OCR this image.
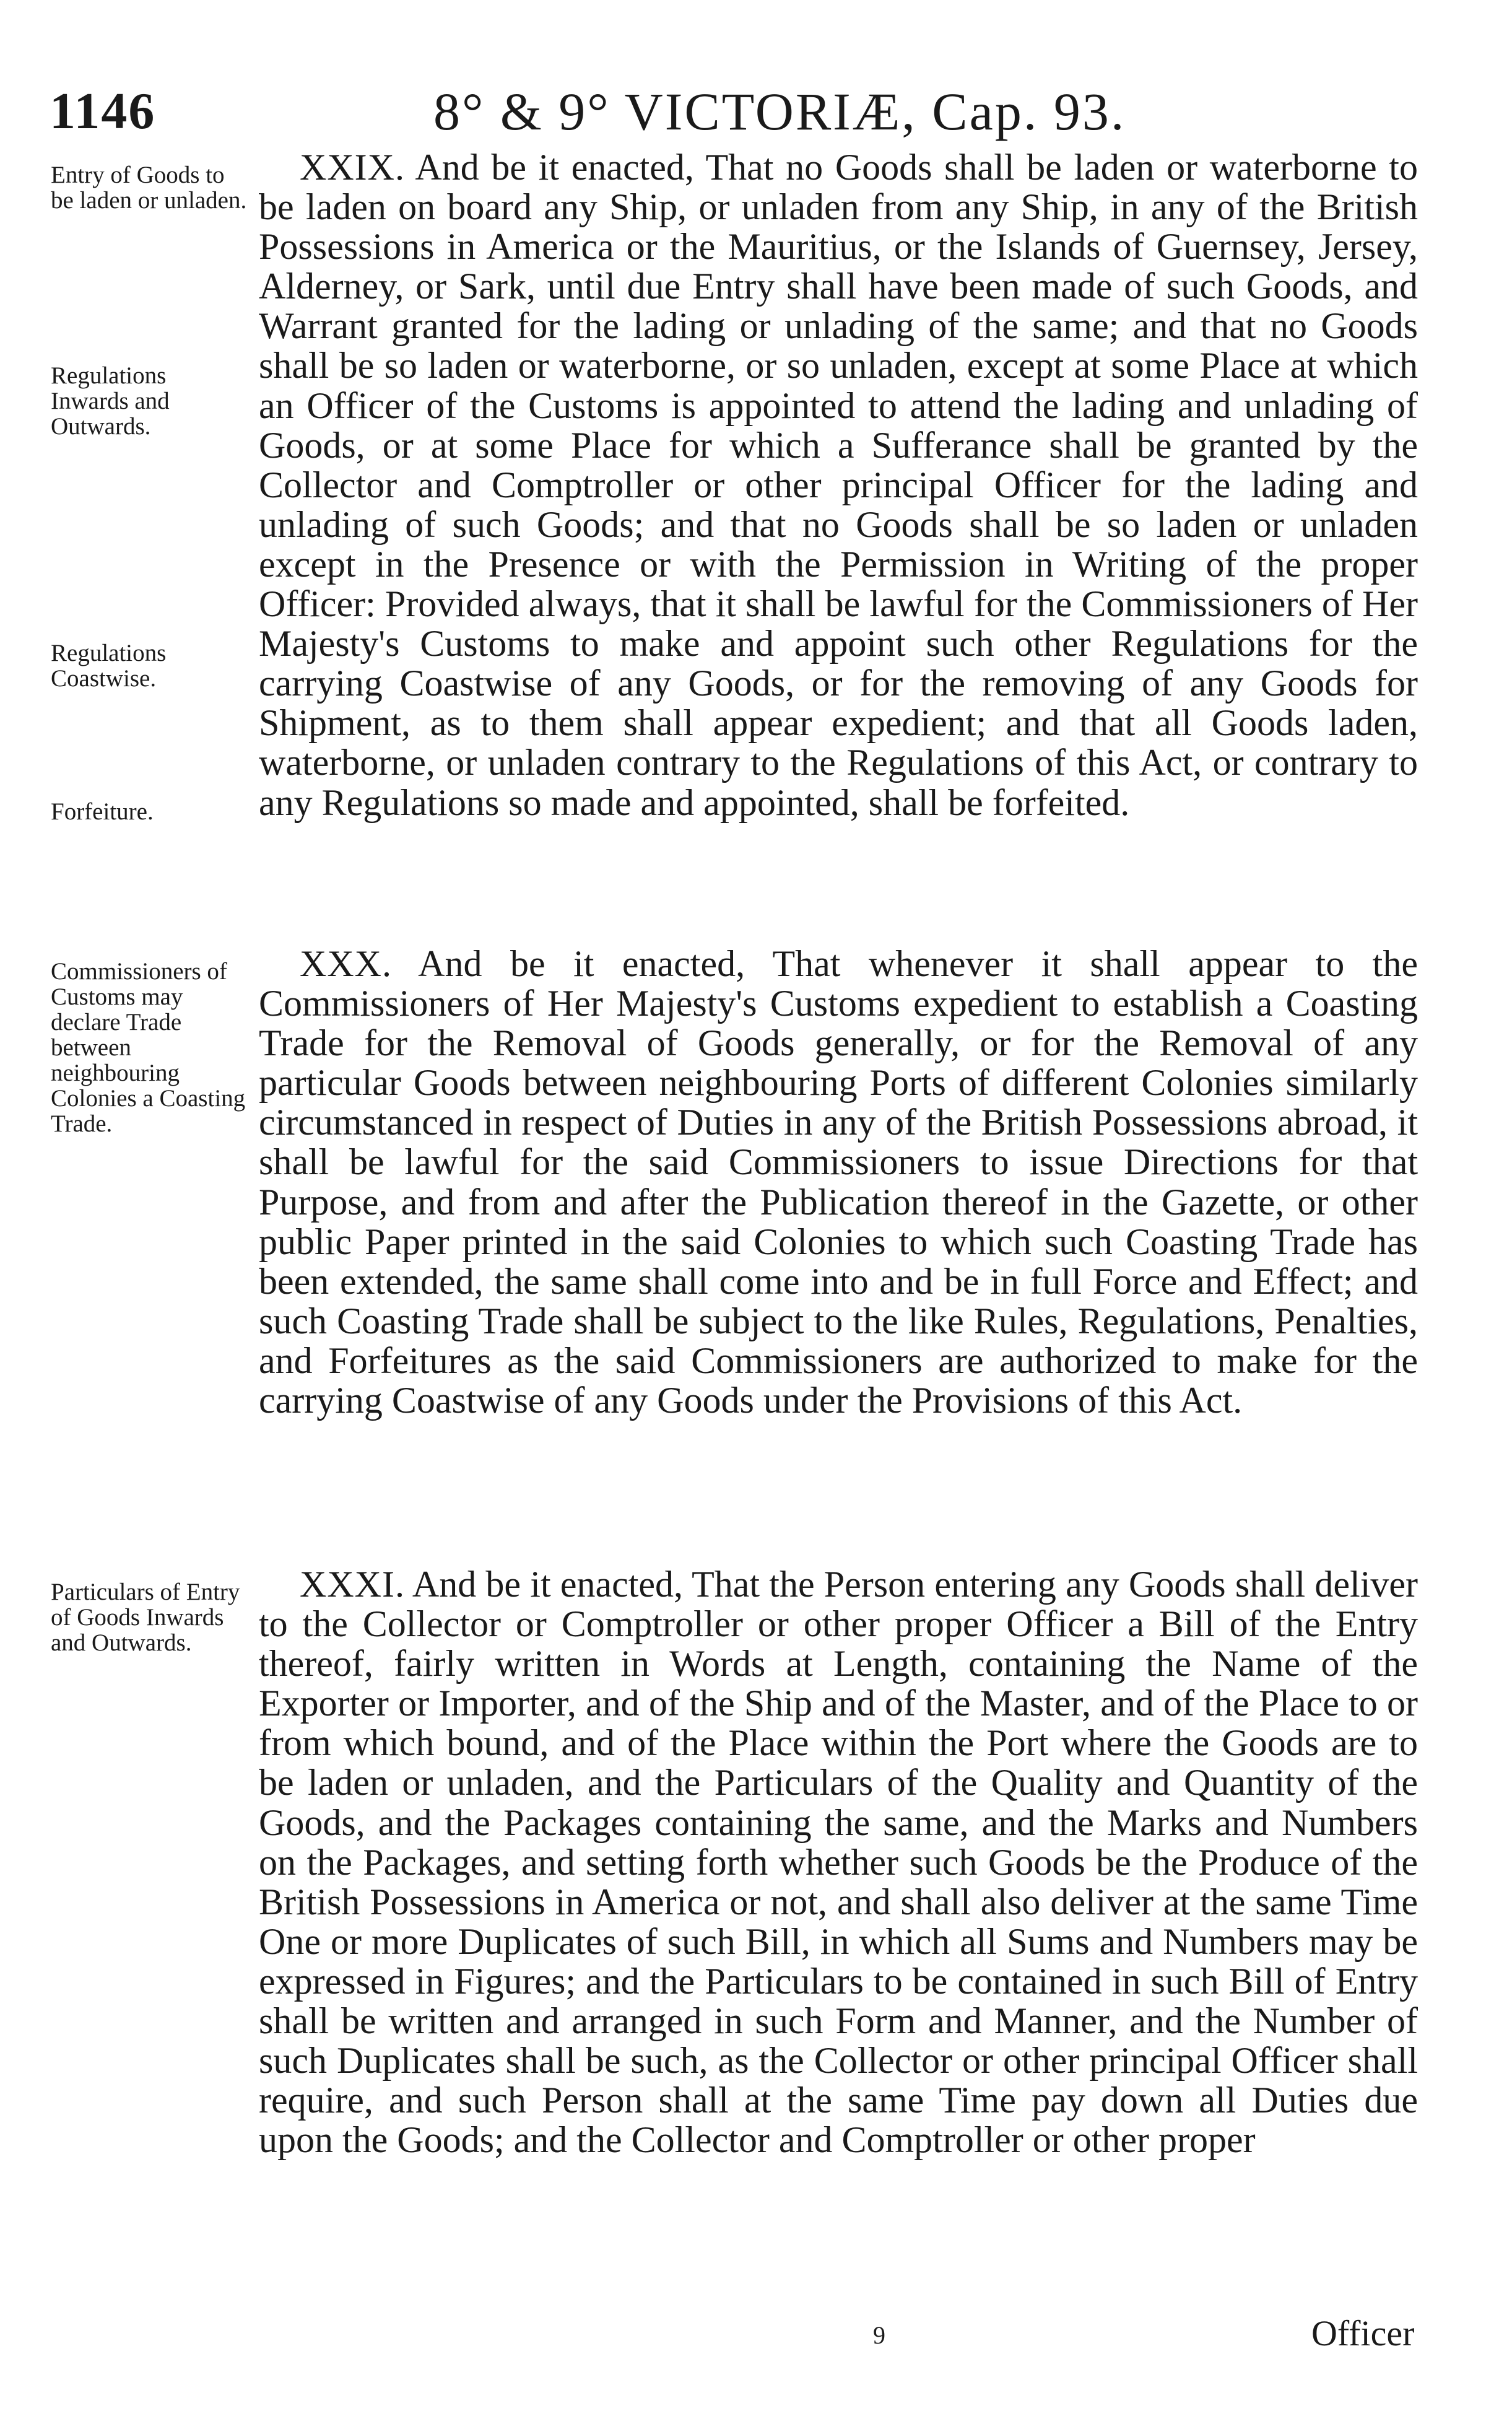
1146	8° & 9° VICTORIÆ, Cap. 93.

Entry of Goods to be laden or unladen.

Regulations Inwards and Outwards.

Regulations Coastwise.

Forfeiture.

Commissioners of Customs may declare Trade between neighbouring Colonies a Coasting Trade.

Particulars of Entry of Goods Inwards and Outwards.

XXIX. And be it enacted, That no Goods shall be laden or waterborne to be laden on board any Ship, or unladen from any Ship, in any of the British Possessions in America or the Mauritius, or the Islands of Guernsey, Jersey, Alderney, or Sark, until due Entry shall have been made of such Goods, and Warrant granted for the lading or unlading of the same; and that no Goods shall be so laden or waterborne, or so unladen, except at some Place at which an Officer of the Customs is appointed to attend the lading and unlading of Goods, or at some Place for which a Sufferance shall be granted by the Collector and Comptroller or other principal Officer for the lading and unlading of such Goods; and that no Goods shall be so laden or unladen except in the Presence or with the Permission in Writing of the proper Officer: Provided always, that it shall be lawful for the Commissioners of Her Majesty's Customs to make and appoint such other Regulations for the carrying Coastwise of any Goods, or for the removing of any Goods for Shipment, as to them shall appear expedient; and that all Goods laden, waterborne, or unladen contrary to the Regulations of this Act, or contrary to any Regulations so made and appointed, shall be forfeited.

XXX. And be it enacted, That whenever it shall appear to the Commissioners of Her Majesty's Customs expedient to establish a Coasting Trade for the Removal of Goods generally, or for the Removal of any particular Goods between neighbouring Ports of different Colonies similarly circumstanced in respect of Duties in any of the British Possessions abroad, it shall be lawful for the said Commissioners to issue Directions for that Purpose, and from and after the Publication thereof in the Gazette, or other public Paper printed in the said Colonies to which such Coasting Trade has been extended, the same shall come into and be in full Force and Effect; and such Coasting Trade shall be subject to the like Rules, Regulations, Penalties, and Forfeitures as the said Commissioners are authorized to make for the carrying Coastwise of any Goods under the Provisions of this Act.

XXXI. And be it enacted, That the Person entering any Goods shall deliver to the Collector or Comptroller or other proper Officer a Bill of the Entry thereof, fairly written in Words at Length, containing the Name of the Exporter or Importer, and of the Ship and of the Master, and of the Place to or from which bound, and of the Place within the Port where the Goods are to be laden or unladen, and the Particulars of the Quality and Quantity of the Goods, and the Packages containing the same, and the Marks and Numbers on the Packages, and setting forth whether such Goods be the Produce of the British Possessions in America or not, and shall also deliver at the same Time One or more Duplicates of such Bill, in which all Sums and Numbers may be expressed in Figures; and the Particulars to be contained in such Bill of Entry shall be written and arranged in such Form and Manner, and the Number of such Duplicates shall be such, as the Collector or other principal Officer shall require, and such Person shall at the same Time pay down all Duties due upon the Goods; and the Collector and Comptroller or other proper

9	Officer
